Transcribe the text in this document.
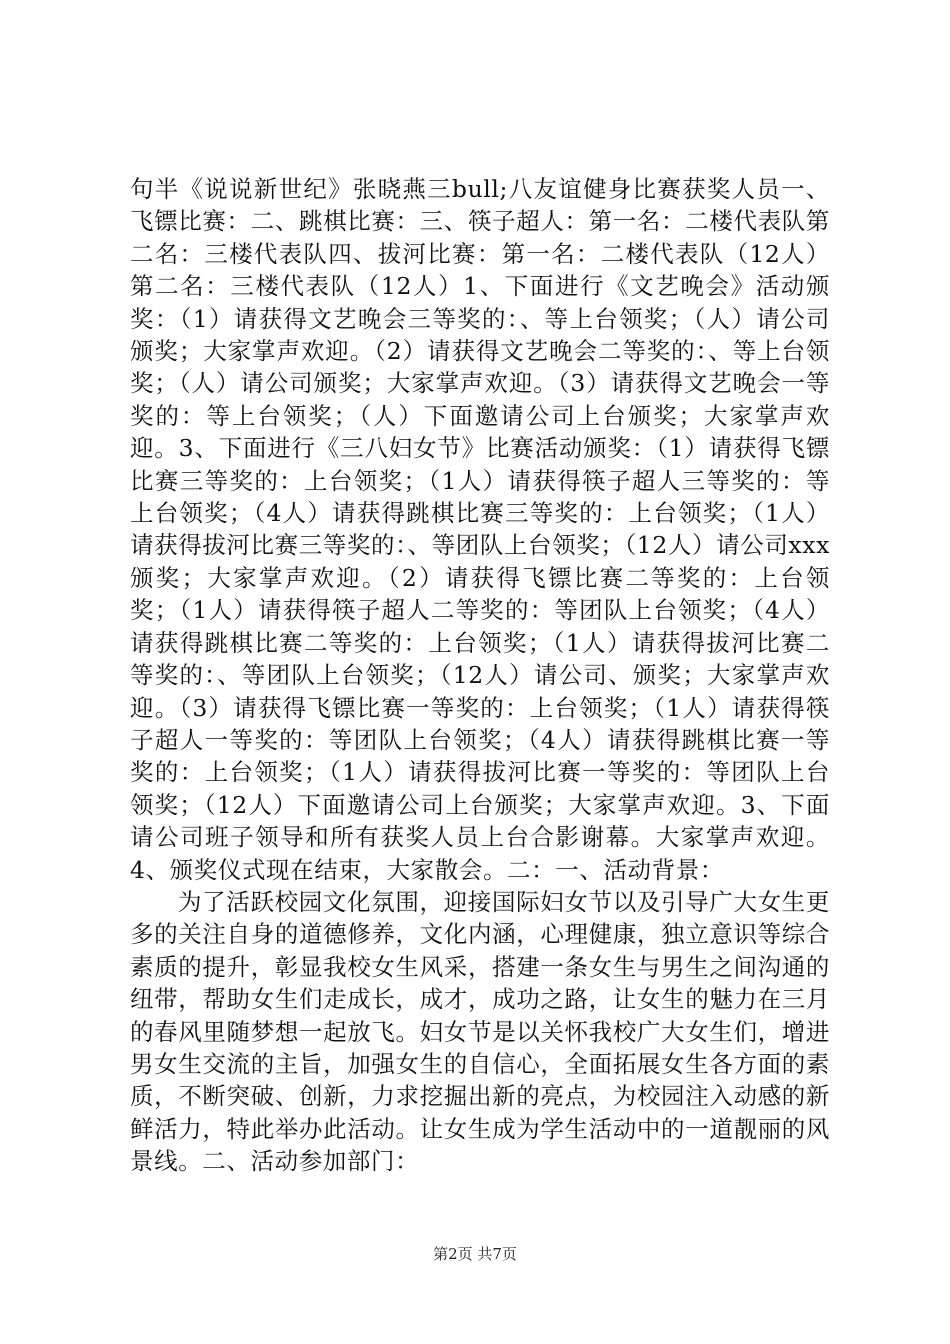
句半《说说新世纪》张晓燕三bull;八友谊健身比赛获奖人员一、飞镖比赛：二、跳棋比赛：三、筷子超人：第一名：二楼代表队第二名：三楼代表队四、拔河比赛：第一名：二楼代表队（12人）第二名：三楼代表队（12人）1、下面进行《文艺晚会》活动颁奖：（1）请获得文艺晚会三等奖的：、等上台领奖；（人）请公司颁奖；大家掌声欢迎。（2）请获得文艺晚会二等奖的：、等上台领奖；（人）请公司颁奖；大家掌声欢迎。（3）请获得文艺晚会一等奖的：等上台领奖；（人）下面邀请公司上台颁奖；大家掌声欢迎。3、下面进行《三八妇女节》比赛活动颁奖：（1）请获得飞镖比赛三等奖的：上台领奖；（1人）请获得筷子超人三等奖的：等上台领奖；（4人）请获得跳棋比赛三等奖的：上台领奖；（1人）请获得拔河比赛三等奖的：、等团队上台领奖；（12人）请公司xxx颁奖；大家掌声欢迎。（2）请获得飞镖比赛二等奖的：上台领奖；（1人）请获得筷子超人二等奖的：等团队上台领奖；（4人）请获得跳棋比赛二等奖的：上台领奖；（1人）请获得拔河比赛二等奖的：、等团队上台领奖；（12人）请公司、颁奖；大家掌声欢迎。（3）请获得飞镖比赛一等奖的：上台领奖；（1人）请获得筷子超人一等奖的：等团队上台领奖；（4人）请获得跳棋比赛一等奖的：上台领奖；（1人）请获得拔河比赛一等奖的：等团队上台领奖；（12人）下面邀请公司上台颁奖；大家掌声欢迎。3、下面请公司班子领导和所有获奖人员上台合影谢幕。大家掌声欢迎。4、颁奖仪式现在结束，大家散会。二：一、活动背景：

为了活跃校园文化氛围，迎接国际妇女节以及引导广大女生更多的关注自身的道德修养，文化内涵，心理健康，独立意识等综合素质的提升，彰显我校女生风采，搭建一条女生与男生之间沟通的纽带，帮助女生们走成长，成才，成功之路，让女生的魅力在三月的春风里随梦想一起放飞。妇女节是以关怀我校广大女生们，增进男女生交流的主旨，加强女生的自信心，全面拓展女生各方面的素质，不断突破、创新，力求挖掘出新的亮点，为校园注入动感的新鲜活力，特此举办此活动。让女生成为学生活动中的一道靓丽的风景线。二、活动参加部门：

第2页 共7页
